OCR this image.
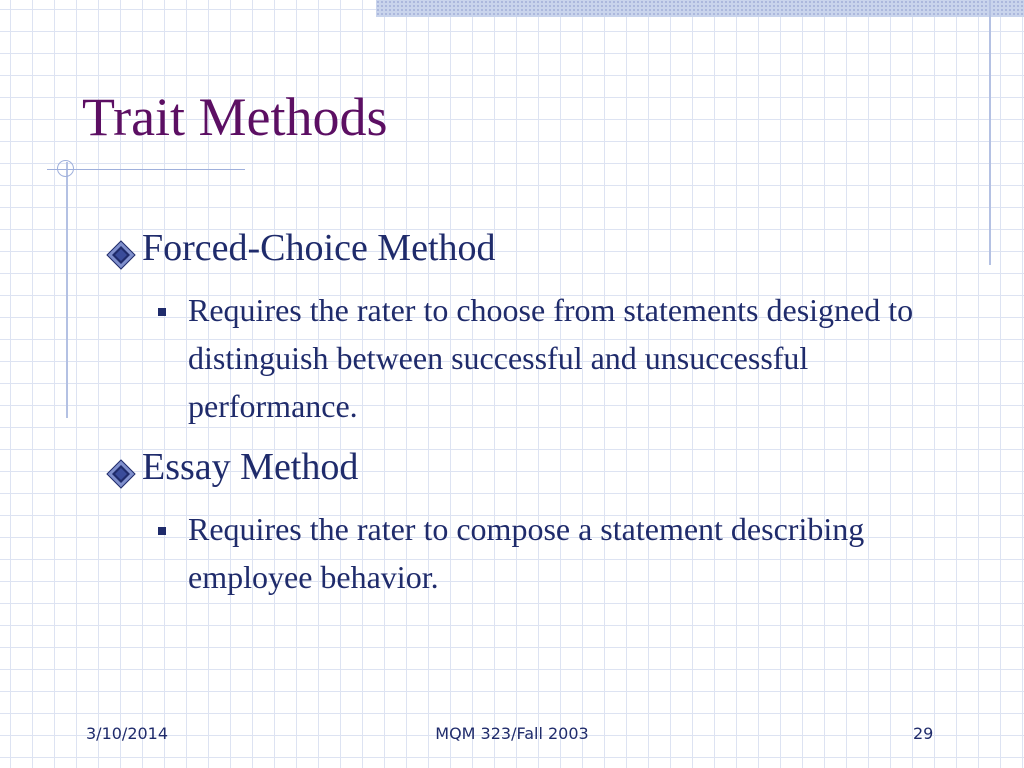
Trait Methods
Forced-Choice Method
Requires the rater to choose from statements designed to distinguish between successful and unsuccessful performance.
Essay Method
Requires the rater to compose a statement describing employee behavior.
3/10/2014	MQM 323/Fall 2003	29
